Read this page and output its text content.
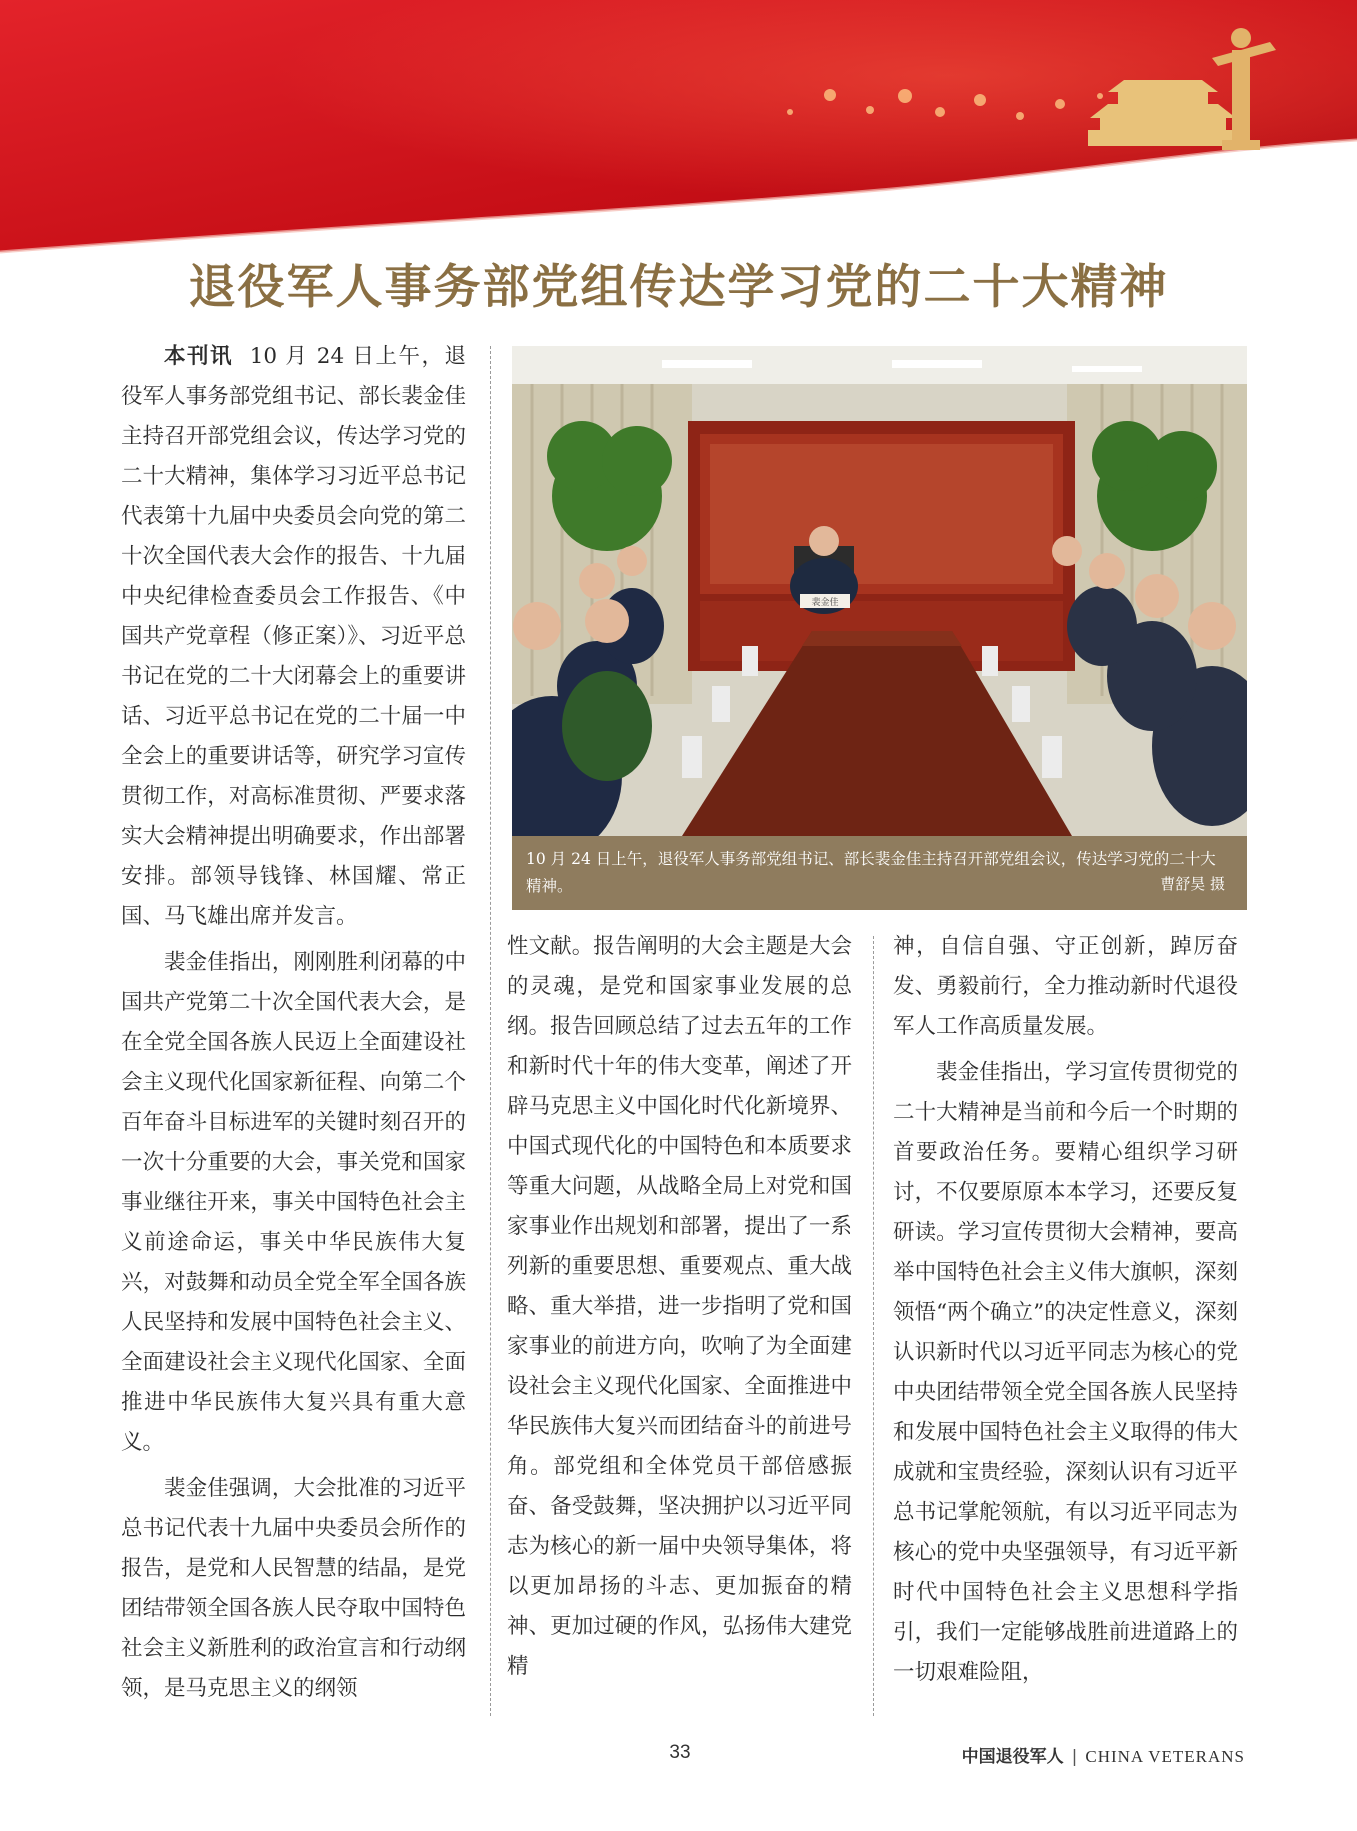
退役军人事务部党组传达学习党的二十大精神

本刊讯 10 月 24 日上午，退役军人事务部党组书记、部长裴金佳主持召开部党组会议，传达学习党的二十大精神，集体学习习近平总书记代表第十九届中央委员会向党的第二十次全国代表大会作的报告、十九届中央纪律检查委员会工作报告、《中国共产党章程（修正案）》、习近平总书记在党的二十大闭幕会上的重要讲话、习近平总书记在党的二十届一中全会上的重要讲话等，研究学习宣传贯彻工作，对高标准贯彻、严要求落实大会精神提出明确要求，作出部署安排。部领导钱锋、林国耀、常正国、马飞雄出席并发言。

裴金佳指出，刚刚胜利闭幕的中国共产党第二十次全国代表大会，是在全党全国各族人民迈上全面建设社会主义现代化国家新征程、向第二个百年奋斗目标进军的关键时刻召开的一次十分重要的大会，事关党和国家事业继往开来，事关中国特色社会主义前途命运，事关中华民族伟大复兴，对鼓舞和动员全党全军全国各族人民坚持和发展中国特色社会主义、全面建设社会主义现代化国家、全面推进中华民族伟大复兴具有重大意义。

裴金佳强调，大会批准的习近平总书记代表十九届中央委员会所作的报告，是党和人民智慧的结晶，是党团结带领全国各族人民夺取中国特色社会主义新胜利的政治宣言和行动纲领，是马克思主义的纲领

裴金佳
10 月 24 日上午，退役军人事务部党组书记、部长裴金佳主持召开部党组会议，传达学习党的二十大精神。	曹舒昊 摄

性文献。报告阐明的大会主题是大会的灵魂，是党和国家事业发展的总纲。报告回顾总结了过去五年的工作和新时代十年的伟大变革，阐述了开辟马克思主义中国化时代化新境界、中国式现代化的中国特色和本质要求等重大问题，从战略全局上对党和国家事业作出规划和部署，提出了一系列新的重要思想、重要观点、重大战略、重大举措，进一步指明了党和国家事业的前进方向，吹响了为全面建设社会主义现代化国家、全面推进中华民族伟大复兴而团结奋斗的前进号角。部党组和全体党员干部倍感振奋、备受鼓舞，坚决拥护以习近平同志为核心的新一届中央领导集体，将以更加昂扬的斗志、更加振奋的精神、更加过硬的作风，弘扬伟大建党精

神，自信自强、守正创新，踔厉奋发、勇毅前行，全力推动新时代退役军人工作高质量发展。

裴金佳指出，学习宣传贯彻党的二十大精神是当前和今后一个时期的首要政治任务。要精心组织学习研讨，不仅要原原本本学习，还要反复研读。学习宣传贯彻大会精神，要高举中国特色社会主义伟大旗帜，深刻领悟“两个确立”的决定性意义，深刻认识新时代以习近平同志为核心的党中央团结带领全党全国各族人民坚持和发展中国特色社会主义取得的伟大成就和宝贵经验，深刻认识有习近平总书记掌舵领航，有以习近平同志为核心的党中央坚强领导，有习近平新时代中国特色社会主义思想科学指引，我们一定能够战胜前进道路上的一切艰难险阻，

33	中国退役军人 | CHINA VETERANS
